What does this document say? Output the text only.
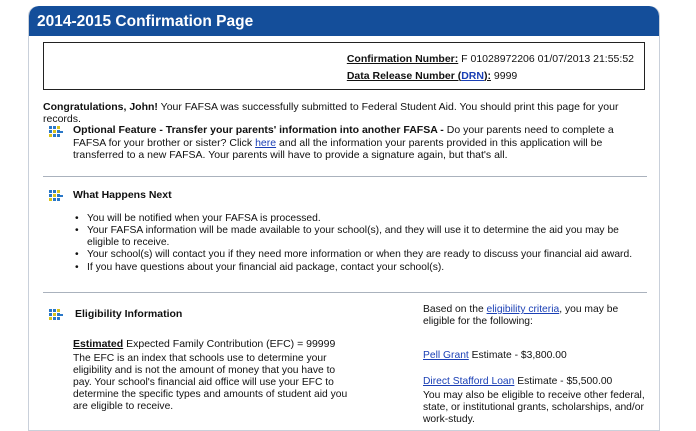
2014-2015 Confirmation Page
Confirmation Number: F 01028972206 01/07/2013 21:55:52
Data Release Number (DRN): 9999
Congratulations, John! Your FAFSA was successfully submitted to Federal Student Aid. You should print this page for your records.
Optional Feature - Transfer your parents' information into another FAFSA - Do your parents need to complete a FAFSA for your brother or sister? Click here and all the information your parents provided in this application will be transferred to a new FAFSA. Your parents will have to provide a signature again, but that's all.
What Happens Next
• You will be notified when your FAFSA is processed.
• Your FAFSA information will be made available to your school(s), and they will use it to determine the aid you may be eligible to receive.
• Your school(s) will contact you if they need more information or when they are ready to discuss your financial aid award.
• If you have questions about your financial aid package, contact your school(s).
Eligibility Information
Estimated Expected Family Contribution (EFC) = 99999
The EFC is an index that schools use to determine your eligibility and is not the amount of money that you have to pay. Your school's financial aid office will use your EFC to determine the specific types and amounts of student aid you are eligible to receive.
Based on the eligibility criteria, you may be eligible for the following:
Pell Grant Estimate - $3,800.00
Direct Stafford Loan Estimate - $5,500.00
You may also be eligible to receive other federal, state, or institutional grants, scholarships, and/or work-study.
